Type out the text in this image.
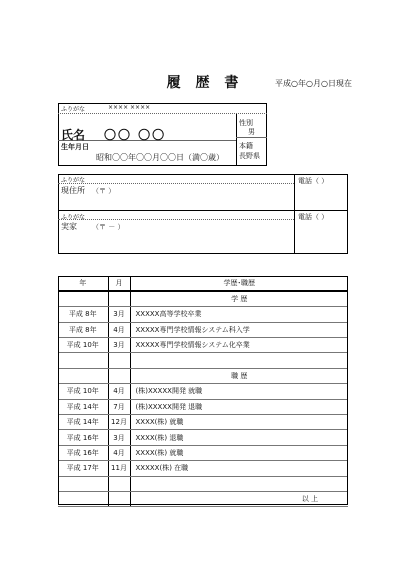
履 歴 書	平成○年○月○日現在
ふりがな	×××× ××××
氏名 〇〇 〇〇
性別
男
生年月日
昭和〇〇年〇〇月〇〇日（満〇歳）
本籍
長野県
ふりがな
現住所 （〒 ）
電話（ ）
ふりがな
実家 （〒 － ）
電話（ ）
年	月	学歴･職歴
		学 歴
平成 8年	3月	XXXXX高等学校卒業
平成 8年	4月	XXXXX専門学校情報システム科入学
平成 10年	3月	XXXXX専門学校情報システム化卒業

		職 歴
平成 10年	4月	(株)XXXXX開発 就職
平成 14年	7月	(株)XXXXX開発 退職
平成 14年	12月	XXXX(株) 就職
平成 16年	3月	XXXX(株) 退職
平成 16年	4月	XXXX(株) 就職
平成 17年	11月	XXXXX(株) 在職

		以 上
